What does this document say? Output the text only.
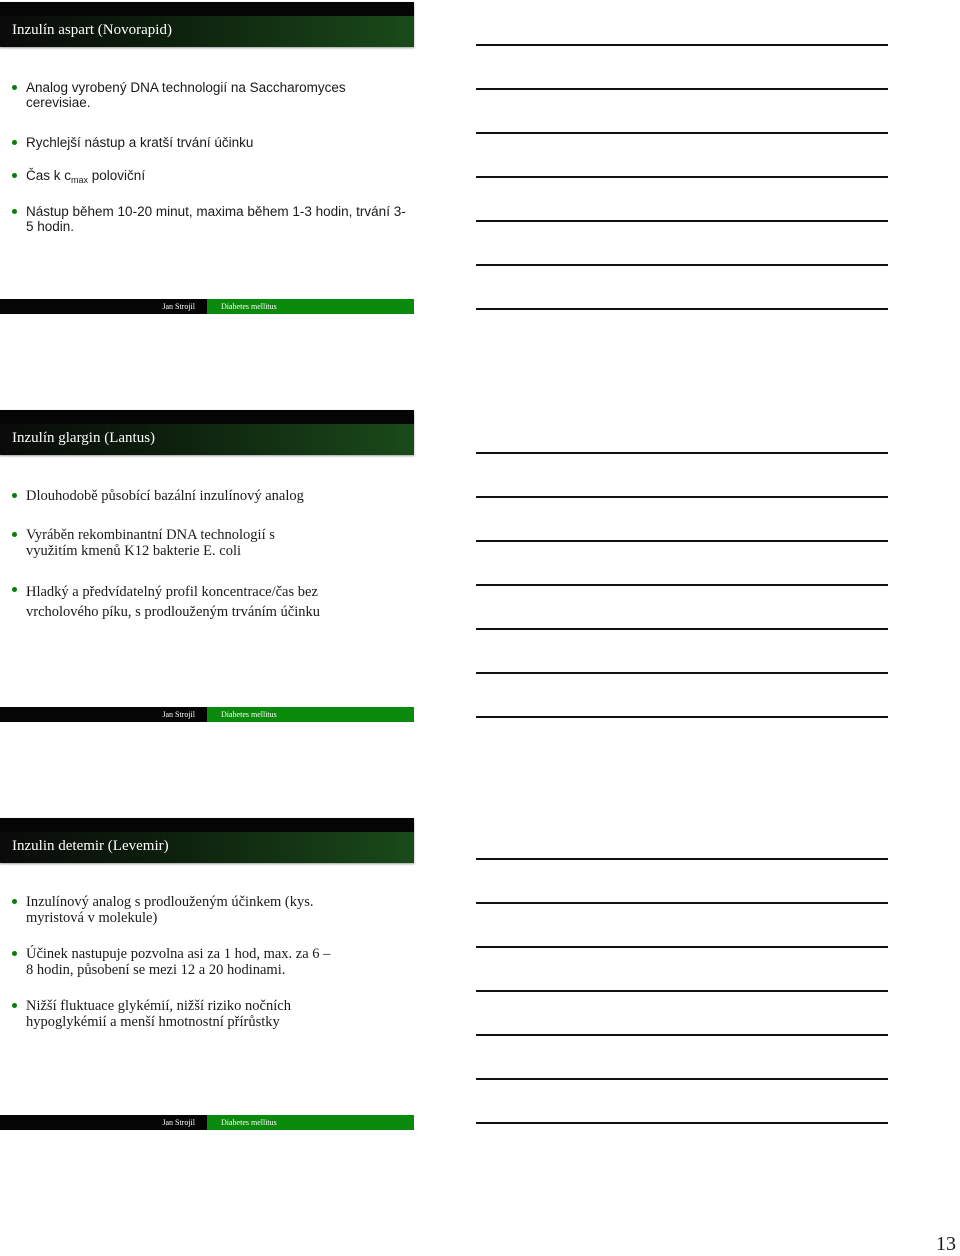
Inzulín aspart (Novorapid)
Analog vyrobený DNA technologií na Saccharomyces cerevisiae.
Rychlejší nástup a kratší trvání účinku
Čas k $c_{max}$ poloviční
Nástup během 10-20 minut, maxima během 1-3 hodin, trvání 3-5 hodin.
Jan Strojil	Diabetes mellitus
Inzulín glargin (Lantus)
Dlouhodobě působící bazální inzulínový analog
Vyráběn rekombinantní DNA technologií s využitím kmenů K12 bakterie E. coli
Hladký a předvídatelný profil koncentrace/čas bez vrcholového píku, s prodlouženým trváním účinku
Jan Strojil	Diabetes mellitus
Inzulin detemir (Levemir)
Inzulínový analog s prodlouženým účinkem (kys. myristová v molekule)
Účinek nastupuje pozvolna asi za 1 hod, max. za 6 – 8 hodin, působení se mezi 12 a 20 hodinami.
Nižší fluktuace glykémií, nižší riziko nočních hypoglykémií a menší hmotnostní přírůstky
Jan Strojil	Diabetes mellitus
13
